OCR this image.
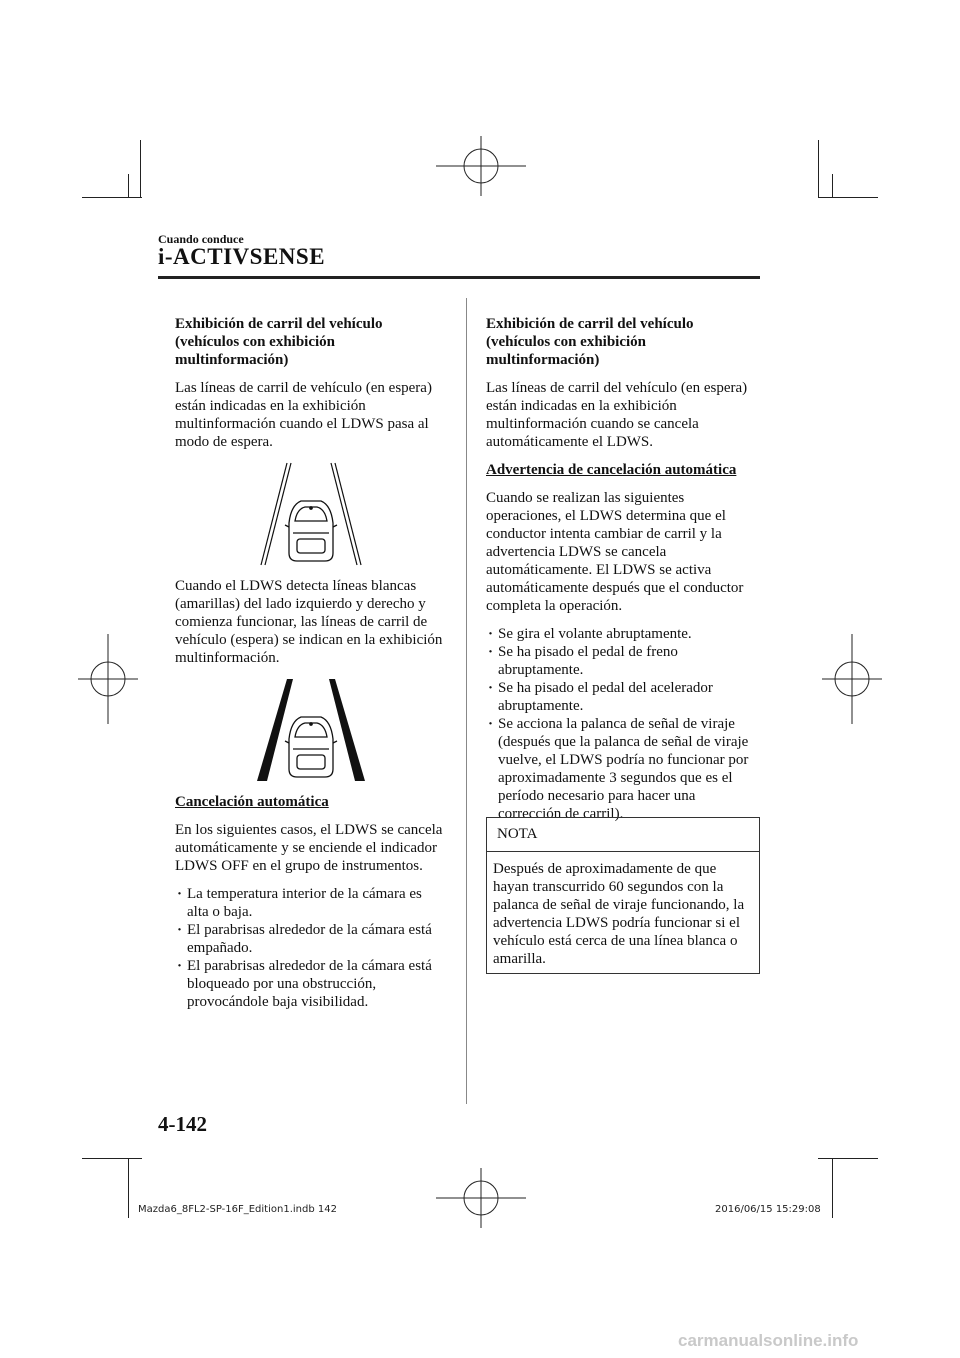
Cuando conduce
i-ACTIVSENSE

Exhibición de carril del vehículo (vehículos con exhibición multinformación)

Las líneas de carril de vehículo (en espera) están indicadas en la exhibición multinformación cuando el LDWS pasa al modo de espera.

Cuando el LDWS detecta líneas blancas (amarillas) del lado izquierdo y derecho y comienza funcionar, las líneas de carril de vehículo (espera) se indican en la exhibición multinformación.

Cancelación automática

En los siguientes casos, el LDWS se cancela automáticamente y se enciende el indicador LDWS OFF en el grupo de instrumentos.

· La temperatura interior de la cámara es alta o baja.
· El parabrisas alrededor de la cámara está empañado.
· El parabrisas alrededor de la cámara está bloqueado por una obstrucción, provocándole baja visibilidad.

Exhibición de carril del vehículo (vehículos con exhibición multinformación)

Las líneas de carril del vehículo (en espera) están indicadas en la exhibición multinformación cuando se cancela automáticamente el LDWS.

Advertencia de cancelación automática

Cuando se realizan las siguientes operaciones, el LDWS determina que el conductor intenta cambiar de carril y la advertencia LDWS se cancela automáticamente. El LDWS se activa automáticamente después que el conductor completa la operación.

· Se gira el volante abruptamente.
· Se ha pisado el pedal de freno abruptamente.
· Se ha pisado el pedal del acelerador abruptamente.
· Se acciona la palanca de señal de viraje (después que la palanca de señal de viraje vuelve, el LDWS podría no funcionar por aproximadamente 3 segundos que es el período necesario para hacer una corrección de carril).
NOTA
Después de aproximadamente de que hayan transcurrido 60 segundos con la palanca de señal de viraje funcionando, la advertencia LDWS podría funcionar si el vehículo está cerca de una línea blanca o amarilla.
4-142
Mazda6_8FL2-SP-16F_Edition1.indb 142	2016/06/15 15:29:08
carmanualsonline.info
